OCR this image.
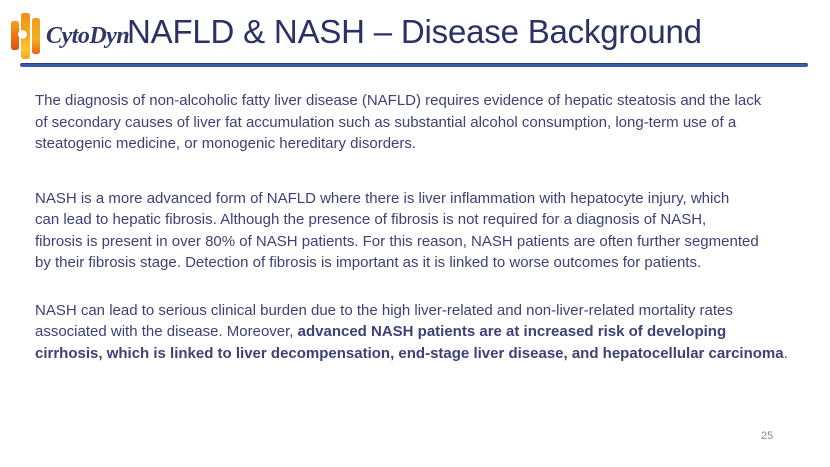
CytoDyn
NAFLD & NASH – Disease Background
The diagnosis of non-alcoholic fatty liver disease (NAFLD) requires evidence of hepatic steatosis and the lack
of secondary causes of liver fat accumulation such as substantial alcohol consumption, long-term use of a
steatogenic medicine, or monogenic hereditary disorders.
NASH is a more advanced form of NAFLD where there is liver inflammation with hepatocyte injury, which
can lead to hepatic fibrosis. Although the presence of fibrosis is not required for a diagnosis of NASH,
fibrosis is present in over 80% of NASH patients. For this reason, NASH patients are often further segmented
by their fibrosis stage. Detection of fibrosis is important as it is linked to worse outcomes for patients.
NASH can lead to serious clinical burden due to the high liver-related and non-liver-related mortality rates
associated with the disease. Moreover, advanced NASH patients are at increased risk of developing
cirrhosis, which is linked to liver decompensation, end-stage liver disease, and hepatocellular carcinoma.
25
